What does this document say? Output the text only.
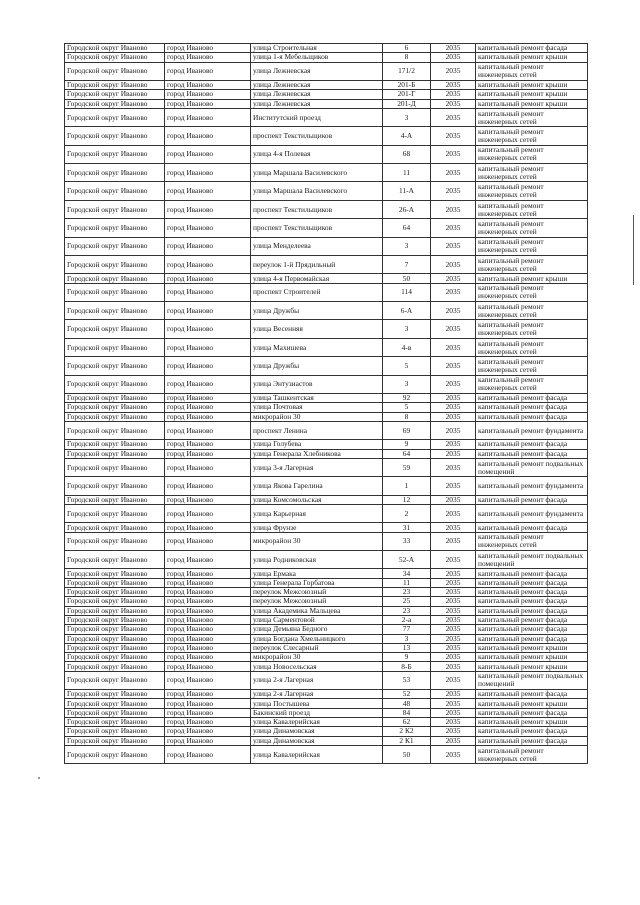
Городской округ Иваново	город Иваново	улица Строительная	6	2035	капитальный ремонт фасада
Городской округ Иваново	город Иваново	улица 1-я Мебельщиков	8	2035	капитальный ремонт крыши
Городской округ Иваново	город Иваново	улица Лежневская	171/2	2035	капитальный ремонт инженерных сетей
Городской округ Иваново	город Иваново	улица Лежневская	201-Б	2035	капитальный ремонт крыши
Городской округ Иваново	город Иваново	улица Лежневская	201-Г	2035	капитальный ремонт крыши
Городской округ Иваново	город Иваново	улица Лежневская	201-Д	2035	капитальный ремонт крыши
Городской округ Иваново	город Иваново	Институтский проезд	3	2035	капитальный ремонт инженерных сетей
Городской округ Иваново	город Иваново	проспект Текстильщиков	4-А	2035	капитальный ремонт инженерных сетей
Городской округ Иваново	город Иваново	улица 4-я Полевая	68	2035	капитальный ремонт инженерных сетей
Городской округ Иваново	город Иваново	улица Маршала Василевского	11	2035	капитальный ремонт инженерных сетей
Городской округ Иваново	город Иваново	улица Маршала Василевского	11-А	2035	капитальный ремонт инженерных сетей
Городской округ Иваново	город Иваново	проспект Текстильщиков	26-А	2035	капитальный ремонт инженерных сетей
Городской округ Иваново	город Иваново	проспект Текстильщиков	64	2035	капитальный ремонт инженерных сетей
Городской округ Иваново	город Иваново	улица Менделеева	3	2035	капитальный ремонт инженерных сетей
Городской округ Иваново	город Иваново	переулок 1-й Прядильный	7	2035	капитальный ремонт инженерных сетей
Городской округ Иваново	город Иваново	улица 4-я Первомайская	50	2035	капитальный ремонт крыши
Городской округ Иваново	город Иваново	проспект Строителей	114	2035	капитальный ремонт инженерных сетей
Городской округ Иваново	город Иваново	улица Дружбы	6-А	2035	капитальный ремонт инженерных сетей
Городской округ Иваново	город Иваново	улица Весенняя	3	2035	капитальный ремонт инженерных сетей
Городской округ Иваново	город Иваново	улица Махишева	4-в	2035	капитальный ремонт инженерных сетей
Городской округ Иваново	город Иваново	улица Дружбы	5	2035	капитальный ремонт инженерных сетей
Городской округ Иваново	город Иваново	улица Энтузиастов	3	2035	капитальный ремонт инженерных сетей
Городской округ Иваново	город Иваново	улица Ташкентская	92	2035	капитальный ремонт фасада
Городской округ Иваново	город Иваново	улица Почтовая	5	2035	капитальный ремонт фасада
Городской округ Иваново	город Иваново	микрорайон 30	8	2035	капитальный ремонт фасада
Городской округ Иваново	город Иваново	проспект Ленина	69	2035	капитальный ремонт фундамента
Городской округ Иваново	город Иваново	улица Голубева	9	2035	капитальный ремонт фасада
Городской округ Иваново	город Иваново	улица Генерала Хлебникова	64	2035	капитальный ремонт фасада
Городской округ Иваново	город Иваново	улица 3-я Лагерная	59	2035	капитальный ремонт подвальных помещений
Городской округ Иваново	город Иваново	улица Якова Гарелина	1	2035	капитальный ремонт фундамента
Городской округ Иваново	город Иваново	улица Комсомольская	12	2035	капитальный ремонт фасада
Городской округ Иваново	город Иваново	улица Карьерная	2	2035	капитальный ремонт фундамента
Городской округ Иваново	город Иваново	улица Фрунзе	31	2035	капитальный ремонт фасада
Городской округ Иваново	город Иваново	микрорайон 30	33	2035	капитальный ремонт инженерных сетей
Городской округ Иваново	город Иваново	улица Родниковская	52-А	2035	капитальный ремонт подвальных помещений
Городской округ Иваново	город Иваново	улица Ермака	34	2035	капитальный ремонт фасада
Городской округ Иваново	город Иваново	улица Генерала Горбатова	11	2035	капитальный ремонт фасада
Городской округ Иваново	город Иваново	переулок Межсоюзный	23	2035	капитальный ремонт фасада
Городской округ Иваново	город Иваново	переулок Межсоюзный	25	2035	капитальный ремонт фасада
Городской округ Иваново	город Иваново	улица Академика Мальцева	23	2035	капитальный ремонт фасада
Городской округ Иваново	город Иваново	улица Сарментовой	2-а	2035	капитальный ремонт фасада
Городской округ Иваново	город Иваново	улица Демьяна Бедного	77	2035	капитальный ремонт фасада
Городской округ Иваново	город Иваново	улица Богдана Хмельницкого	3	2035	капитальный ремонт фасада
Городской округ Иваново	город Иваново	переулок Слесарный	13	2035	капитальный ремонт крыши
Городской округ Иваново	город Иваново	микрорайон 30	9	2035	капитальный ремонт крыши
Городской округ Иваново	город Иваново	улица Новосельская	8-Б	2035	капитальный ремонт крыши
Городской округ Иваново	город Иваново	улица 2-я Лагерная	53	2035	капитальный ремонт подвальных помещений
Городской округ Иваново	город Иваново	улица 2-я Лагерная	52	2035	капитальный ремонт фасада
Городской округ Иваново	город Иваново	улица Постышева	48	2035	капитальный ремонт крыши
Городской округ Иваново	город Иваново	Бакинский проезд	84	2035	капитальный ремонт фасада
Городской округ Иваново	город Иваново	улица Кавалерийская	62	2035	капитальный ремонт крыши
Городской округ Иваново	город Иваново	улица Динамовская	2 К2	2035	капитальный ремонт фасада
Городской округ Иваново	город Иваново	улица Динамовская	2 К1	2035	капитальный ремонт фасада
Городской округ Иваново	город Иваново	улица Кавалерийская	50	2035	капитальный ремонт инженерных сетей
